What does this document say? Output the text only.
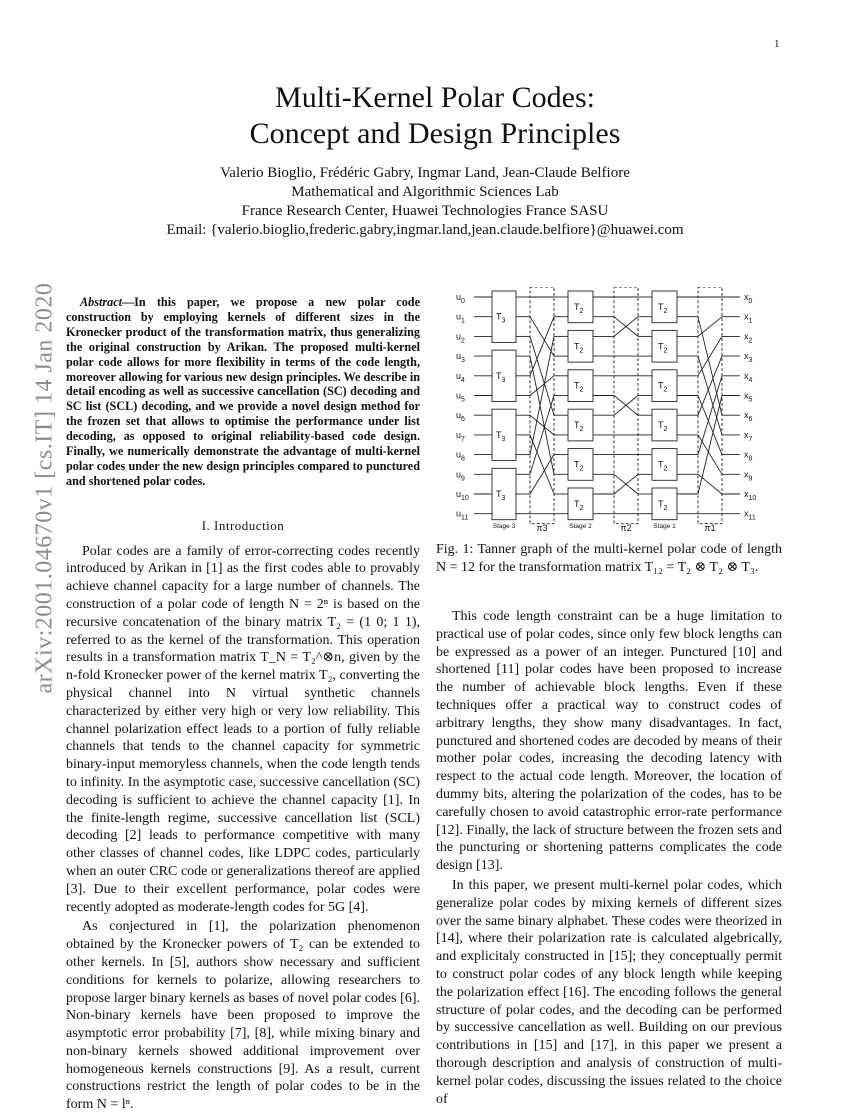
1
arXiv:2001.04670v1 [cs.IT] 14 Jan 2020
Multi-Kernel Polar Codes:
Concept and Design Principles
Valerio Bioglio, Frédéric Gabry, Ingmar Land, Jean-Claude Belfiore
Mathematical and Algorithmic Sciences Lab
France Research Center, Huawei Technologies France SASU
Email: {valerio.bioglio,frederic.gabry,ingmar.land,jean.claude.belfiore}@huawei.com
Abstract—In this paper, we propose a new polar code construction by employing kernels of different sizes in the Kronecker product of the transformation matrix, thus generalizing the original construction by Arikan. The proposed multi-kernel polar code allows for more flexibility in terms of the code length, moreover allowing for various new design principles. We describe in detail encoding as well as successive cancellation (SC) decoding and SC list (SCL) decoding, and we provide a novel design method for the frozen set that allows to optimise the performance under list decoding, as opposed to original reliability-based code design. Finally, we numerically demonstrate the advantage of multi-kernel polar codes under the new design principles compared to punctured and shortened polar codes.
I. Introduction
Polar codes are a family of error-correcting codes recently introduced by Arikan in [1] as the first codes able to provably achieve channel capacity for a large number of channels. The construction of a polar code of length N = 2ⁿ is based on the recursive concatenation of the binary matrix T₂ = (1 0; 1 1), referred to as the kernel of the transformation. This operation results in a transformation matrix T_N = T₂^⊗n, given by the n-fold Kronecker power of the kernel matrix T₂, converting the physical channel into N virtual synthetic channels characterized by either very high or very low reliability. This channel polarization effect leads to a portion of fully reliable channels that tends to the channel capacity for symmetric binary-input memoryless channels, when the code length tends to infinity. In the asymptotic case, successive cancellation (SC) decoding is sufficient to achieve the channel capacity [1]. In the finite-length regime, successive cancellation list (SCL) decoding [2] leads to performance competitive with many other classes of channel codes, like LDPC codes, particularly when an outer CRC code or generalizations thereof are applied [3]. Due to their excellent performance, polar codes were recently adopted as moderate-length codes for 5G [4].
As conjectured in [1], the polarization phenomenon obtained by the Kronecker powers of T₂ can be extended to other kernels. In [5], authors show necessary and sufficient conditions for kernels to polarize, allowing researchers to propose larger binary kernels as bases of novel polar codes [6]. Non-binary kernels have been proposed to improve the asymptotic error probability [7], [8], while mixing binary and non-binary kernels showed additional improvement over homogeneous kernels constructions [9]. As a result, current constructions restrict the length of polar codes to be in the form N = lⁿ.
$u_0$
$u_1$
$u_2$
$u_3$
$u_4$
$u_5$
$u_6$
$u_7$
$u_8$
$u_9$
$u_{10}$
$u_{11}$
$x_0$
$x_1$
$x_2$
$x_3$
$x_4$
$x_5$
$x_6$
$x_7$
$x_8$
$x_9$
$x_{10}$
$x_{11}$
$T_3$
$T_3$
$T_3$
$T_3$
$T_2$
$T_2$
$T_2$
$T_2$
$T_2$
$T_2$
$T_2$
$T_2$
$T_2$
$T_2$
$T_2$
$T_2$
Stage 3	Stage 2	Stage 1
π3	π2	π1
Fig. 1: Tanner graph of the multi-kernel polar code of length N = 12 for the transformation matrix T₁₂ = T₂ ⊗ T₂ ⊗ T₃.
This code length constraint can be a huge limitation to practical use of polar codes, since only few block lengths can be expressed as a power of an integer. Punctured [10] and shortened [11] polar codes have been proposed to increase the number of achievable block lengths. Even if these techniques offer a practical way to construct codes of arbitrary lengths, they show many disadvantages. In fact, punctured and shortened codes are decoded by means of their mother polar codes, increasing the decoding latency with respect to the actual code length. Moreover, the location of dummy bits, altering the polarization of the codes, has to be carefully chosen to avoid catastrophic error-rate performance [12]. Finally, the lack of structure between the frozen sets and the puncturing or shortening patterns complicates the code design [13].
In this paper, we present multi-kernel polar codes, which generalize polar codes by mixing kernels of different sizes over the same binary alphabet. These codes were theorized in [14], where their polarization rate is calculated algebrically, and explicitaly constructed in [15]; they conceptually permit to construct polar codes of any block length while keeping the polarization effect [16]. The encoding follows the general structure of polar codes, and the decoding can be performed by successive cancellation as well. Building on our previous contributions in [15] and [17], in this paper we present a thorough description and analysis of construction of multi-kernel polar codes, discussing the issues related to the choice of
